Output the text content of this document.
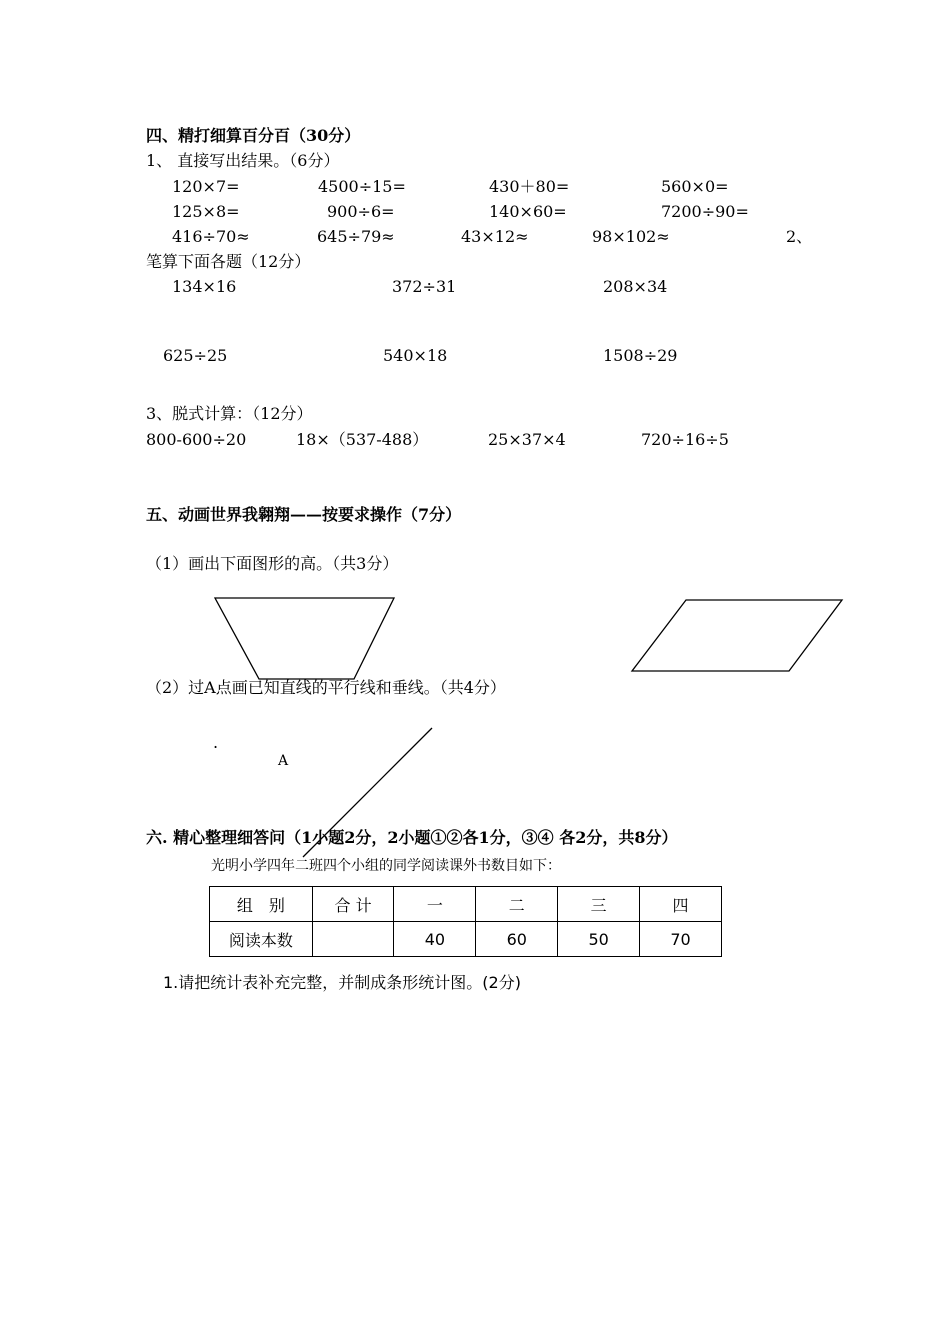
四、精打细算百分百（30分）
1、 直接写出结果。（6分）
120×7=	4500÷15=	430＋80=	560×0=
125×8=	900÷6=	140×60=	7200÷90=
416÷70≈	645÷79≈	43×12≈	98×102≈	2、
笔算下面各题（12分）
134×16	372÷31	208×34
625÷25	540×18	1508÷29
3、脱式计算：（12分）
800-600÷20	18×（537-488）	25×37×4	720÷16÷5
五、动画世界我翱翔——按要求操作（7分）
（1）画出下面图形的高。（共3分）
（2）过A点画已知直线的平行线和垂线。（共4分）
.
A
六. 精心整理细答问（1小题2分，2小题①②各1分，③④ 各2分，共8分）
光明小学四年二班四个小组的同学阅读课外书数目如下：
组　别	合 计	一	二	三	四
阅读本数		40	60	50	70
1.请把统计表补充完整，并制成条形统计图。(2分)
